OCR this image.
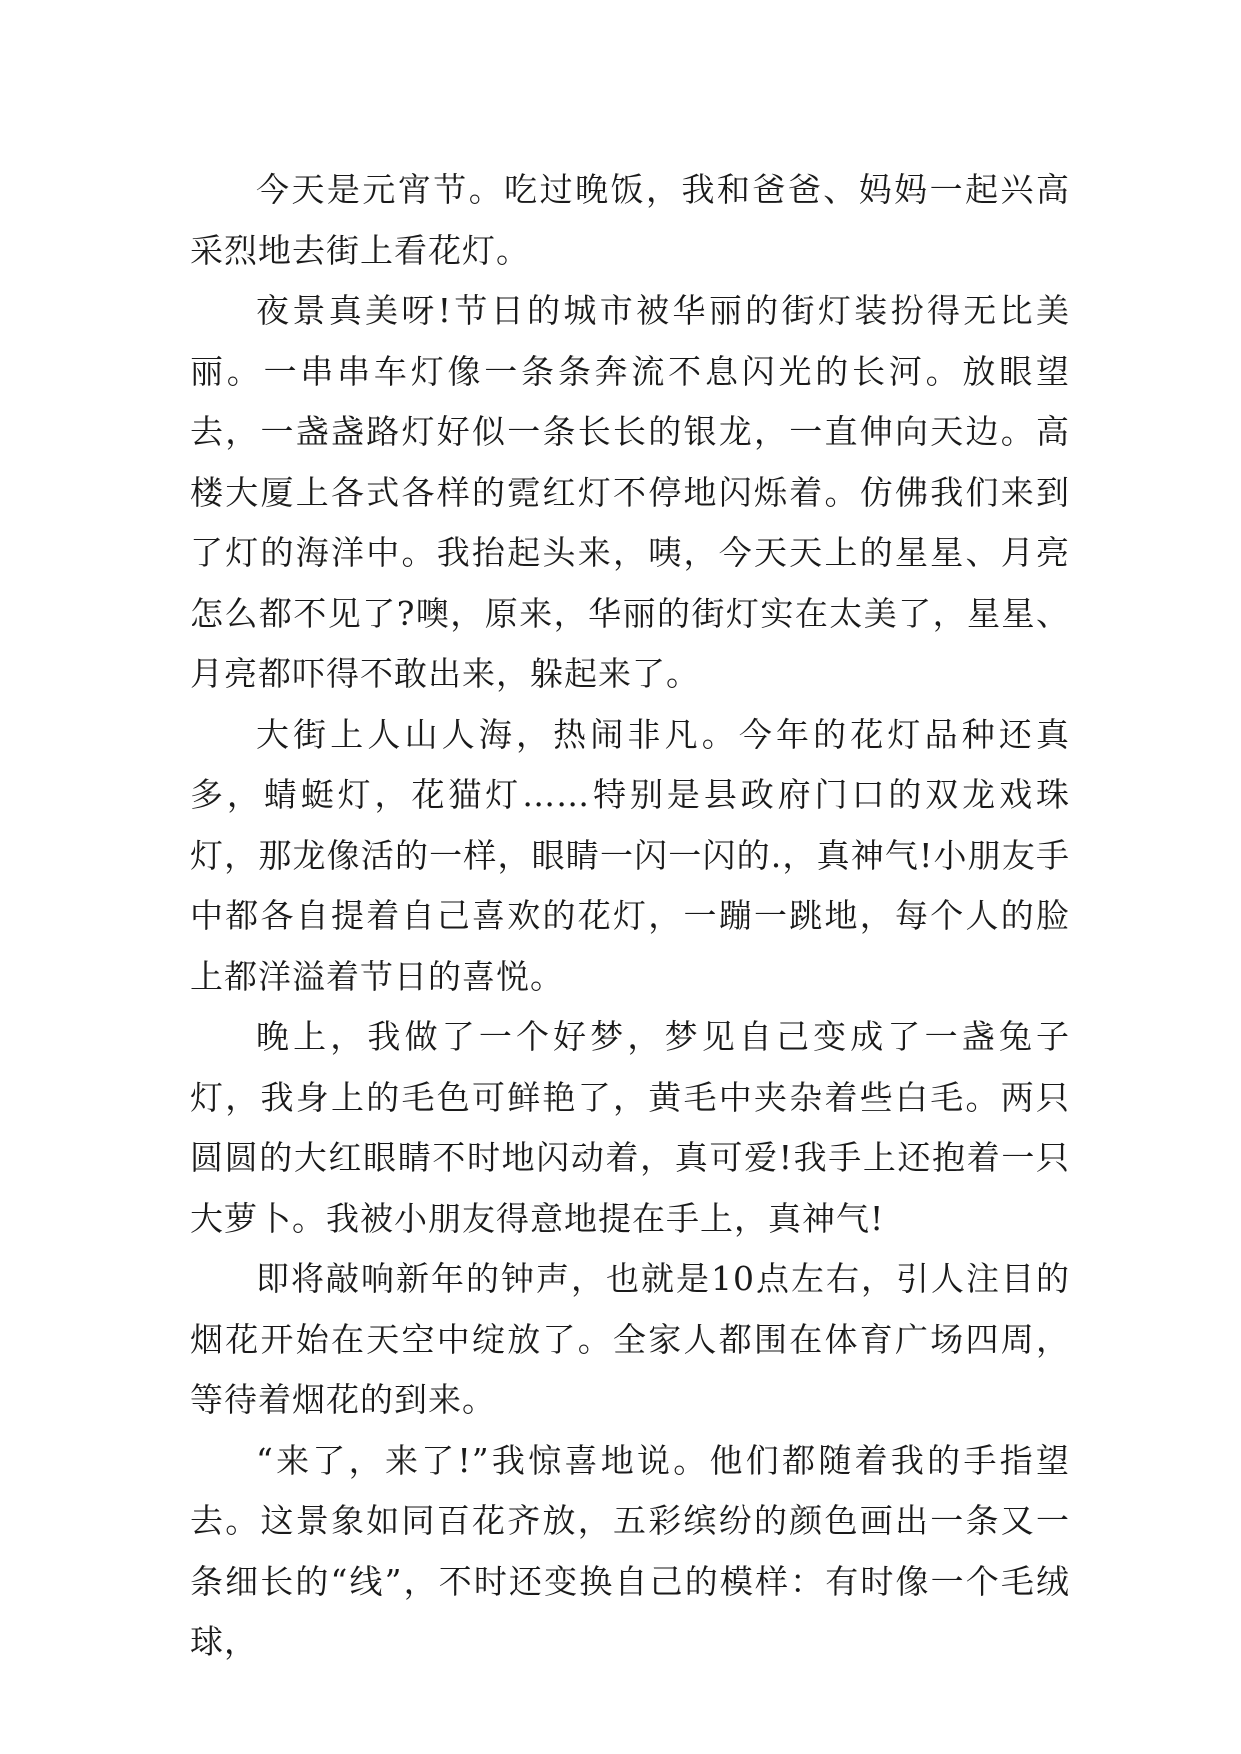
今天是元宵节。吃过晚饭，我和爸爸、妈妈一起兴高采烈地去街上看花灯。

夜景真美呀!节日的城市被华丽的街灯装扮得无比美丽。一串串车灯像一条条奔流不息闪光的长河。放眼望去，一盏盏路灯好似一条长长的银龙，一直伸向天边。高楼大厦上各式各样的霓红灯不停地闪烁着。仿佛我们来到了灯的海洋中。我抬起头来，咦，今天天上的星星、月亮怎么都不见了?噢，原来，华丽的街灯实在太美了，星星、月亮都吓得不敢出来，躲起来了。

大街上人山人海，热闹非凡。今年的花灯品种还真多，蜻蜓灯，花猫灯……特别是县政府门口的双龙戏珠灯，那龙像活的一样，眼睛一闪一闪的.，真神气!小朋友手中都各自提着自己喜欢的花灯，一蹦一跳地，每个人的脸上都洋溢着节日的喜悦。

晚上，我做了一个好梦，梦见自己变成了一盏兔子灯，我身上的毛色可鲜艳了，黄毛中夹杂着些白毛。两只圆圆的大红眼睛不时地闪动着，真可爱!我手上还抱着一只大萝卜。我被小朋友得意地提在手上，真神气!

即将敲响新年的钟声，也就是10点左右，引人注目的烟花开始在天空中绽放了。全家人都围在体育广场四周，等待着烟花的到来。

“来了，来了!”我惊喜地说。他们都随着我的手指望去。这景象如同百花齐放，五彩缤纷的颜色画出一条又一条细长的“线”，不时还变换自己的模样：有时像一个毛绒球，
